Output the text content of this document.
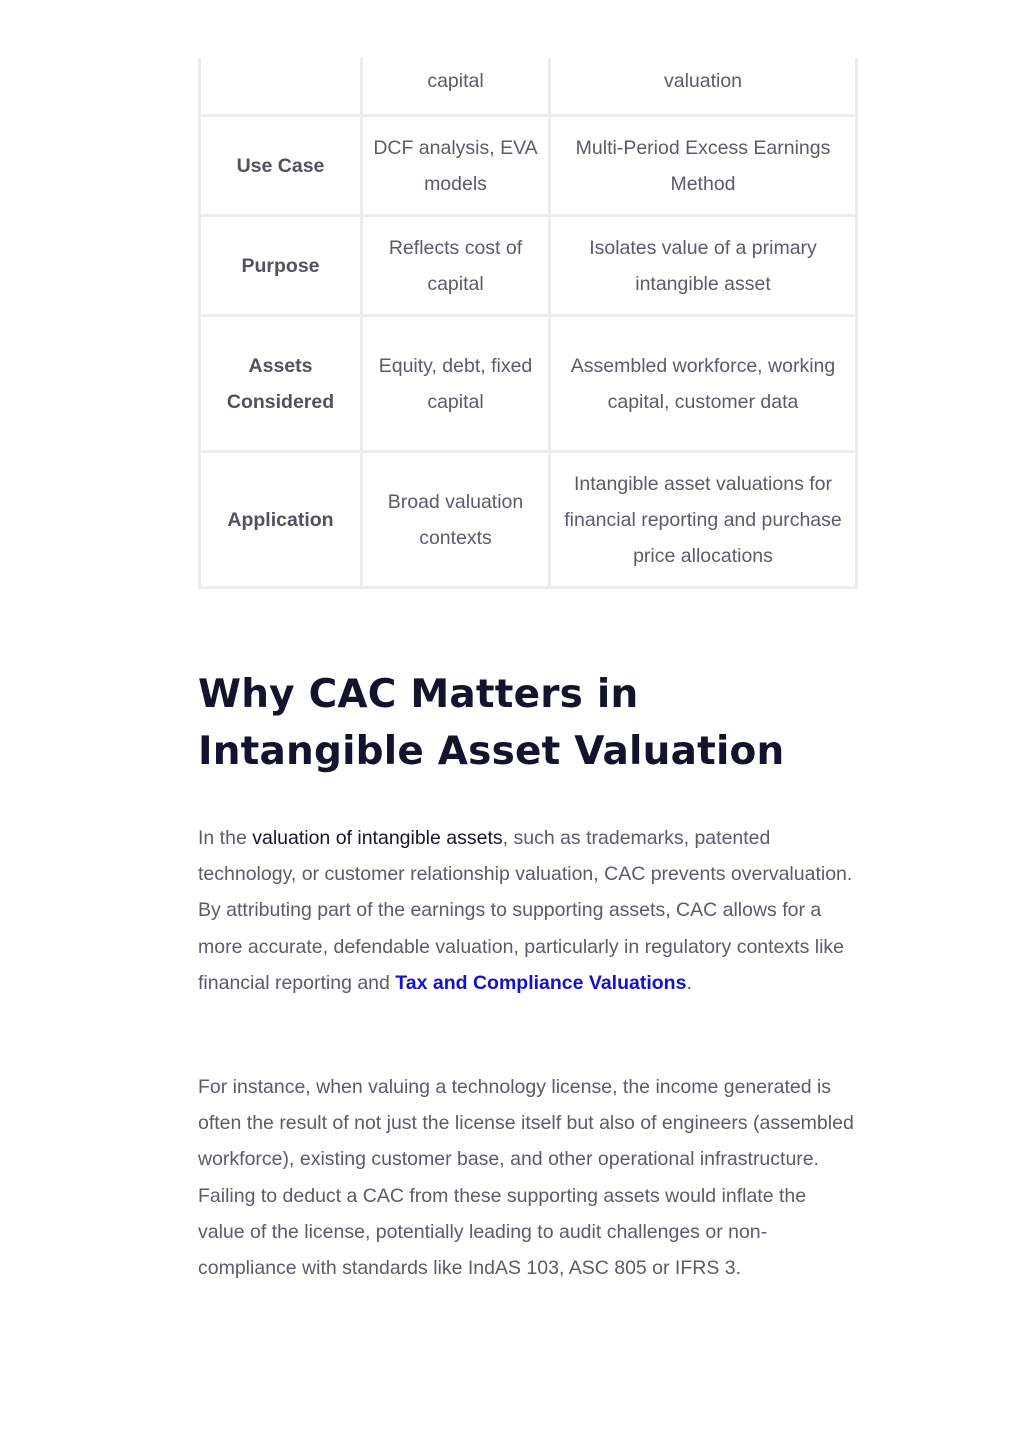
	capital	valuation
Use Case	DCF analysis, EVA models	Multi-Period Excess Earnings Method
Purpose	Reflects cost of capital	Isolates value of a primary intangible asset
Assets Considered	Equity, debt, fixed capital	Assembled workforce, working capital, customer data
Application	Broad valuation contexts	Intangible asset valuations for financial reporting and purchase price allocations
Why CAC Matters in Intangible Asset Valuation

In the valuation of intangible assets, such as trademarks, patented technology, or customer relationship valuation, CAC prevents overvaluation. By attributing part of the earnings to supporting assets, CAC allows for a more accurate, defendable valuation, particularly in regulatory contexts like financial reporting and Tax and Compliance Valuations.

For instance, when valuing a technology license, the income generated is often the result of not just the license itself but also of engineers (assembled workforce), existing customer base, and other operational infrastructure. Failing to deduct a CAC from these supporting assets would inflate the value of the license, potentially leading to audit challenges or non-compliance with standards like IndAS 103, ASC 805 or IFRS 3.
